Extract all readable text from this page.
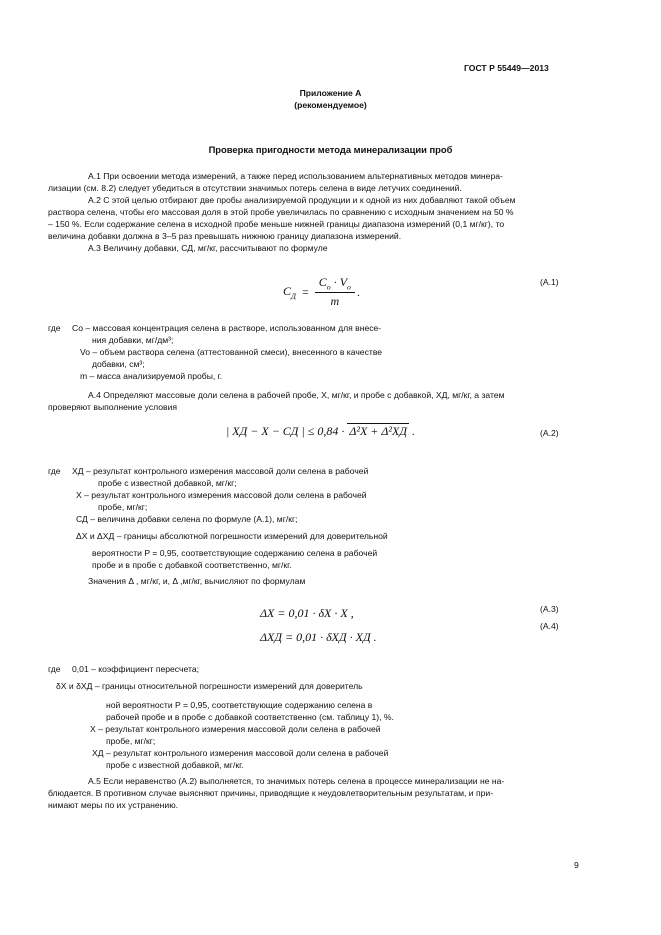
ГОСТ Р 55449—2013
Приложение А
(рекомендуемое)
Проверка пригодности метода минерализации проб
А.1 При освоении метода измерений, а также перед использованием альтернативных методов минера-
лизации (см. 8.2) следует убедиться в отсутствии значимых потерь селена в виде летучих соединений.
А.2 С этой целью отбирают две пробы анализируемой продукции и к одной из них добавляют такой объем
раствора селена, чтобы его массовая доля в этой пробе увеличилась по сравнению с исходным значением на 50 %
– 150 %. Если содержание селена в исходной пробе меньше нижней границы диапазона измерений (0,1 мг/кг), то
величина добавки должна в 3–5 раз превышать нижнюю границу диапазона измерений.
А.3 Величину добавки, СД, мг/кг, рассчитывают по формуле
$С_Д = \frac{C_о \cdot V_о}{m}$ .
(А.1)
где Co – массовая концентрация селена в растворе, использованном для внесе-
ния добавки, мг/дм³;
Vo – объем раствора селена (аттестованной смеси), внесенного в качестве
добавки, см³;
m – масса анализируемой пробы, г.
А.4 Определяют массовые доли селена в рабочей пробе, X, мг/кг, и пробе с добавкой, XД, мг/кг, а затем
проверяют выполнение условия
| XД − X − CД | ≤ 0,84 · Δ²X + Δ²XД .	(А.2)
где XД – результат контрольного измерения массовой доли селена в рабочей
пробе с известной добавкой, мг/кг;
X – результат контрольного измерения массовой доли селена в рабочей
пробе, мг/кг;
СД – величина добавки селена по формуле (А.1), мг/кг;
ΔX и ΔXД – границы абсолютной погрешности измерений для доверительной
вероятности P = 0,95, соответствующие содержанию селена в рабочей
пробе и в пробе с добавкой соответственно, мг/кг.
Значения Δ , мг/кг, и, Δ ,мг/кг, вычисляют по формулам
ΔX = 0,01 · δX · X ,	(А.3)
ΔXД = 0,01 · δXД · XД .
(А.4)
где 0,01 – коэффициент пересчета;
δX и δXД – границы относительной погрешности измерений для доверитель
ной вероятности P = 0,95, соответствующие содержанию селена в
рабочей пробе и в пробе с добавкой соответственно (см. таблицу 1), %.
X – результат контрольного измерения массовой доли селена в рабочей
пробе, мг/кг;
XД – результат контрольного измерения массовой доли селена в рабочей
пробе с известной добавкой, мг/кг.
А.5 Если неравенство (А.2) выполняется, то значимых потерь селена в процессе минерализации не на-
блюдается. В противном случае выясняют причины, приводящие к неудовлетворительным результатам, и при-
нимают меры по их устранению.
9
